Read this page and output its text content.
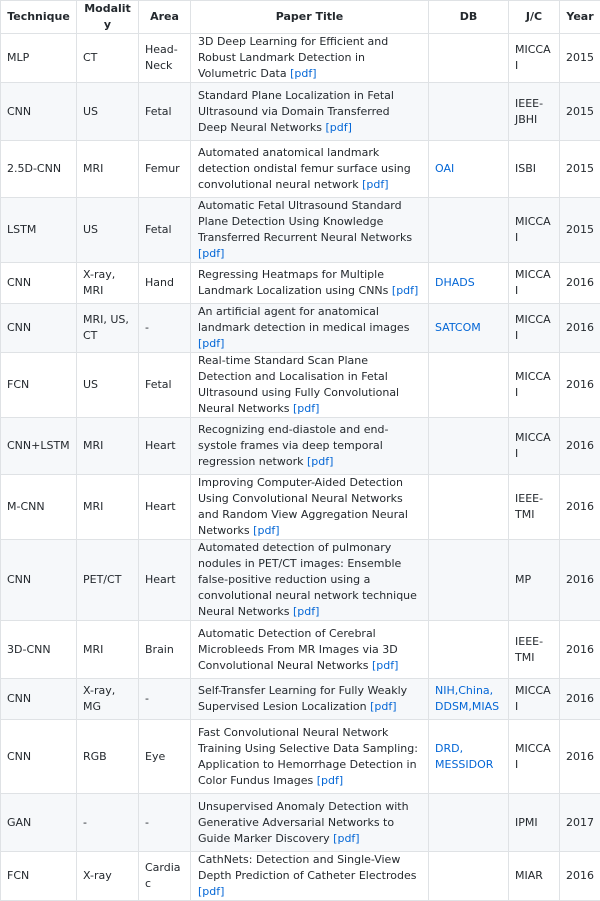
Technique	Modality	Area	Paper Title	DB	J/C	Year
MLP	CT	Head-Neck	3D Deep Learning for Efficient and Robust Landmark Detection in Volumetric Data [pdf]		MICCAI	2015
CNN	US	Fetal	Standard Plane Localization in Fetal Ultrasound via Domain Transferred Deep Neural Networks [pdf]		IEEE-JBHI	2015
2.5D-CNN	MRI	Femur	Automated anatomical landmark detection ondistal femur surface using convolutional neural network [pdf]	OAI	ISBI	2015
LSTM	US	Fetal	Automatic Fetal Ultrasound Standard Plane Detection Using Knowledge Transferred Recurrent Neural Networks [pdf]		MICCAI	2015
CNN	X-ray, MRI	Hand	Regressing Heatmaps for Multiple Landmark Localization using CNNs [pdf]	DHADS	MICCAI	2016
CNN	MRI, US, CT	-	An artificial agent for anatomical landmark detection in medical images [pdf]	SATCOM	MICCAI	2016
FCN	US	Fetal	Real-time Standard Scan Plane Detection and Localisation in Fetal Ultrasound using Fully Convolutional Neural Networks [pdf]		MICCAI	2016
CNN+LSTM	MRI	Heart	Recognizing end-diastole and end-systole frames via deep temporal regression network [pdf]		MICCAI	2016
M-CNN	MRI	Heart	Improving Computer-Aided Detection Using Convolutional Neural Networks and Random View Aggregation Neural Networks [pdf]		IEEE-TMI	2016
CNN	PET/CT	Heart	Automated detection of pulmonary nodules in PET/CT images: Ensemble false-positive reduction using a convolutional neural network technique Neural Networks [pdf]		MP	2016
3D-CNN	MRI	Brain	Automatic Detection of Cerebral Microbleeds From MR Images via 3D Convolutional Neural Networks [pdf]		IEEE-TMI	2016
CNN	X-ray, MG	-	Self-Transfer Learning for Fully Weakly Supervised Lesion Localization [pdf]	NIH,China, DDSM,MIAS	MICCAI	2016
CNN	RGB	Eye	Fast Convolutional Neural Network Training Using Selective Data Sampling: Application to Hemorrhage Detection in Color Fundus Images [pdf]	DRD, MESSIDOR	MICCAI	2016
GAN	-	-	Unsupervised Anomaly Detection with Generative Adversarial Networks to Guide Marker Discovery [pdf]		IPMI	2017
FCN	X-ray	Cardiac	CathNets: Detection and Single-View Depth Prediction of Catheter Electrodes [pdf]		MIAR	2016
